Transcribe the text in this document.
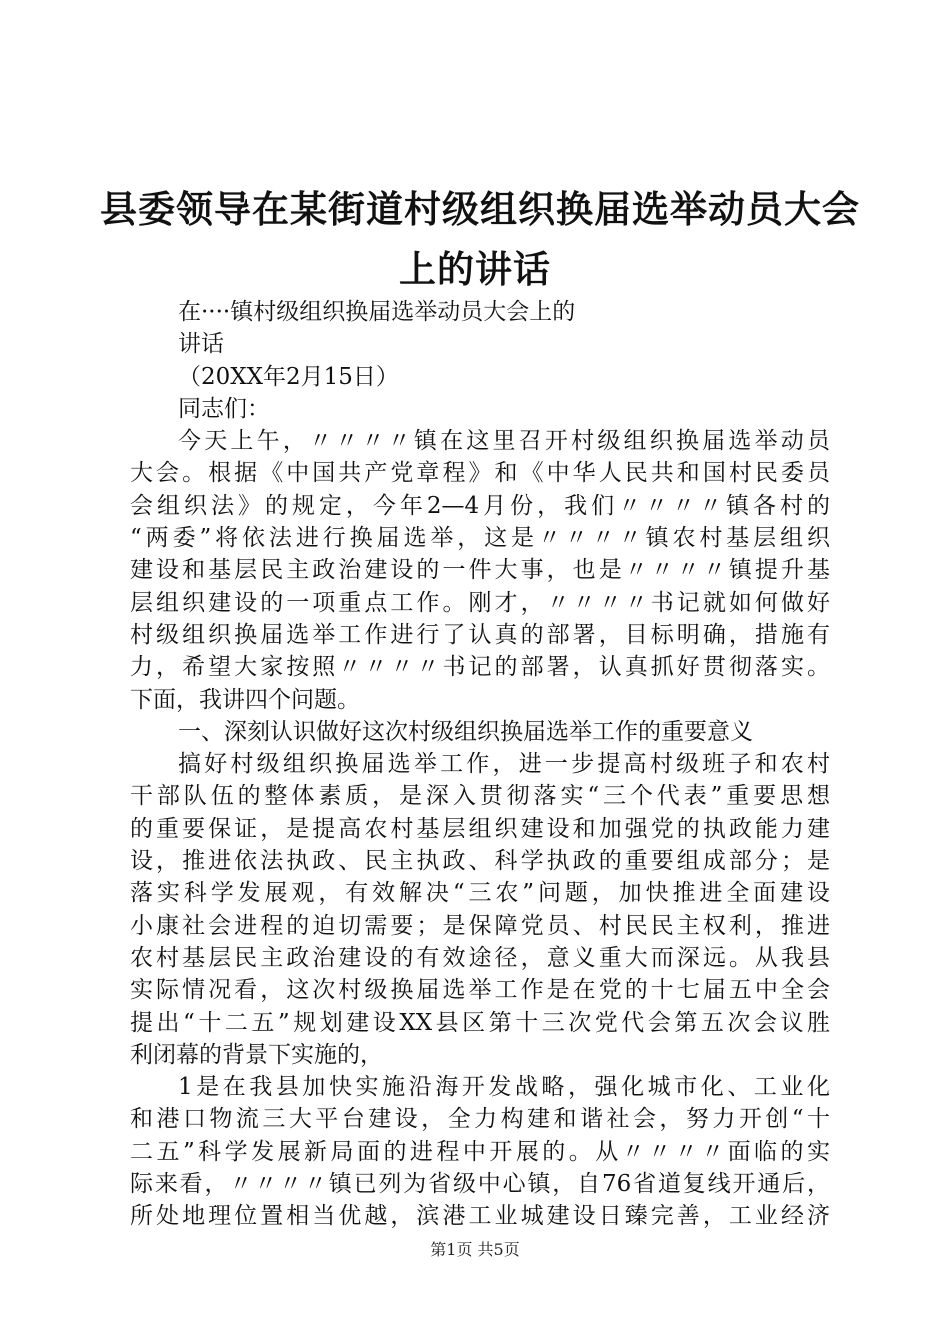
县委领导在某街道村级组织换届选举动员大会
上的讲话
在····镇村级组织换届选举动员大会上的
讲话
（20XX年2月15日）
同志们：
今天上午，〃〃〃〃镇在这里召开村级组织换届选举动员
大会。根据《中国共产党章程》和《中华人民共和国村民委员
会组织法》的规定，今年2—4月份，我们〃〃〃〃镇各村的
“两委”将依法进行换届选举，这是〃〃〃〃镇农村基层组织
建设和基层民主政治建设的一件大事，也是〃〃〃〃镇提升基
层组织建设的一项重点工作。刚才，〃〃〃〃书记就如何做好
村级组织换届选举工作进行了认真的部署，目标明确，措施有
力，希望大家按照〃〃〃〃书记的部署，认真抓好贯彻落实。
下面，我讲四个问题。
一、深刻认识做好这次村级组织换届选举工作的重要意义
搞好村级组织换届选举工作，进一步提高村级班子和农村
干部队伍的整体素质，是深入贯彻落实“三个代表”重要思想
的重要保证，是提高农村基层组织建设和加强党的执政能力建
设，推进依法执政、民主执政、科学执政的重要组成部分；是
落实科学发展观，有效解决“三农”问题，加快推进全面建设
小康社会进程的迫切需要；是保障党员、村民民主权利，推进
农村基层民主政治建设的有效途径，意义重大而深远。从我县
实际情况看，这次村级换届选举工作是在党的十七届五中全会
提出“十二五”规划建设XX县区第十三次党代会第五次会议胜
利闭幕的背景下实施的，
1是在我县加快实施沿海开发战略，强化城市化、工业化
和港口物流三大平台建设，全力构建和谐社会，努力开创“十
二五”科学发展新局面的进程中开展的。从〃〃〃〃面临的实
际来看，〃〃〃〃镇已列为省级中心镇，自76省道复线开通后，
所处地理位置相当优越，滨港工业城建设日臻完善，工业经济
第1页 共5页
